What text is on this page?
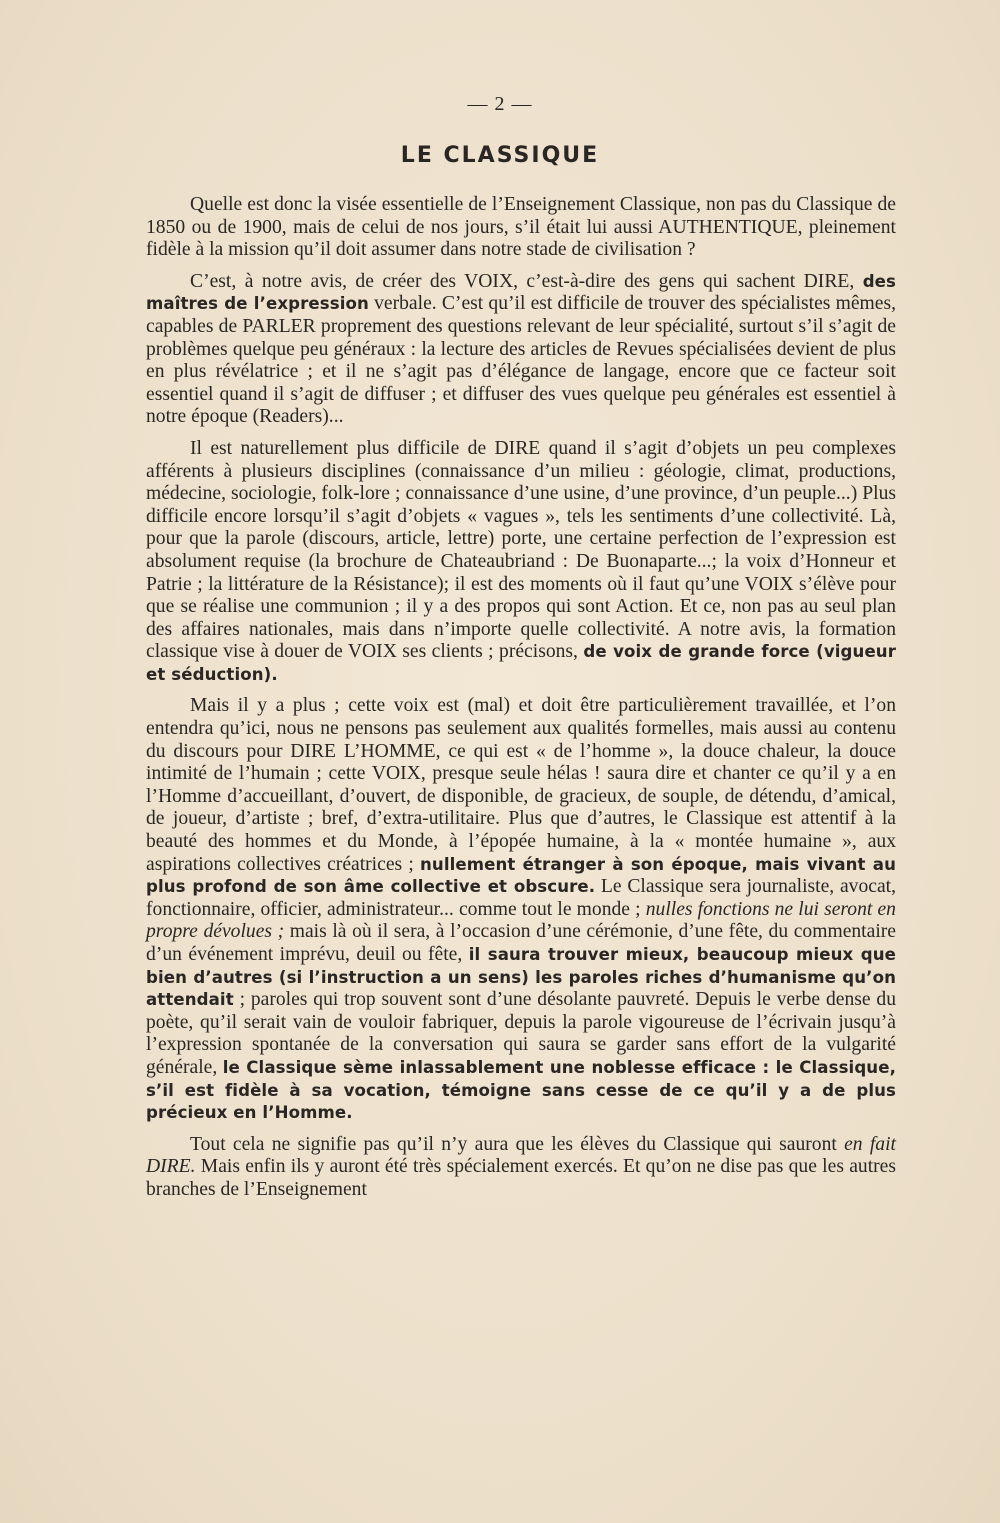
— 2 —
LE CLASSIQUE

Quelle est donc la visée essentielle de l’Enseignement Classique, non pas du Classique de 1850 ou de 1900, mais de celui de nos jours, s’il était lui aussi AUTHENTIQUE, pleinement fidèle à la mission qu’il doit assumer dans notre stade de civilisation ?

C’est, à notre avis, de créer des VOIX, c’est-à-dire des gens qui sachent DIRE, des maîtres de l’expression verbale. C’est qu’il est difficile de trouver des spécialistes mêmes, capables de PARLER proprement des questions relevant de leur spécialité, surtout s’il s’agit de problèmes quelque peu généraux : la lecture des articles de Revues spécialisées devient de plus en plus révélatrice ; et il ne s’agit pas d’élégance de langage, encore que ce facteur soit essentiel quand il s’agit de diffuser ; et diffuser des vues quelque peu générales est essentiel à notre époque (Readers)...

Il est naturellement plus difficile de DIRE quand il s’agit d’objets un peu complexes afférents à plusieurs disciplines (connaissance d’un milieu : géologie, climat, productions, médecine, sociologie, folk-lore ; connaissance d’une usine, d’une province, d’un peuple...) Plus difficile encore lorsqu’il s’agit d’objets « vagues », tels les sentiments d’une collectivité. Là, pour que la parole (discours, article, lettre) porte, une certaine perfection de l’expression est absolument requise (la brochure de Chateaubriand : De Buonaparte...; la voix d’Honneur et Patrie ; la littérature de la Résistance); il est des moments où il faut qu’une VOIX s’élève pour que se réalise une communion ; il y a des propos qui sont Action. Et ce, non pas au seul plan des affaires nationales, mais dans n’importe quelle collectivité. A notre avis, la formation classique vise à douer de VOIX ses clients ; précisons, de voix de grande force (vigueur et séduction).

Mais il y a plus ; cette voix est (mal) et doit être particulièrement travaillée, et l’on entendra qu’ici, nous ne pensons pas seulement aux qualités formelles, mais aussi au contenu du discours pour DIRE L’HOMME, ce qui est « de l’homme », la douce chaleur, la douce intimité de l’humain ; cette VOIX, presque seule hélas ! saura dire et chanter ce qu’il y a en l’Homme d’accueillant, d’ouvert, de disponible, de gracieux, de souple, de détendu, d’amical, de joueur, d’artiste ; bref, d’extra-utilitaire. Plus que d’autres, le Classique est attentif à la beauté des hommes et du Monde, à l’épopée humaine, à la « montée humaine », aux aspirations collectives créatrices ; nullement étranger à son époque, mais vivant au plus profond de son âme collective et obscure. Le Classique sera journaliste, avocat, fonctionnaire, officier, administrateur... comme tout le monde ; nulles fonctions ne lui seront en propre dévolues ; mais là où il sera, à l’occasion d’une cérémonie, d’une fête, du commentaire d’un événement imprévu, deuil ou fête, il saura trouver mieux, beaucoup mieux que bien d’autres (si l’instruction a un sens) les paroles riches d’humanisme qu’on attendait ; paroles qui trop souvent sont d’une désolante pauvreté. Depuis le verbe dense du poète, qu’il serait vain de vouloir fabriquer, depuis la parole vigoureuse de l’écrivain jusqu’à l’expression spontanée de la conversation qui saura se garder sans effort de la vulgarité générale, le Classique sème inlassablement une noblesse efficace : le Classique, s’il est fidèle à sa vocation, témoigne sans cesse de ce qu’il y a de plus précieux en l’Homme.

Tout cela ne signifie pas qu’il n’y aura que les élèves du Classique qui sauront en fait DIRE. Mais enfin ils y auront été très spécialement exercés. Et qu’on ne dise pas que les autres branches de l’Enseignement
